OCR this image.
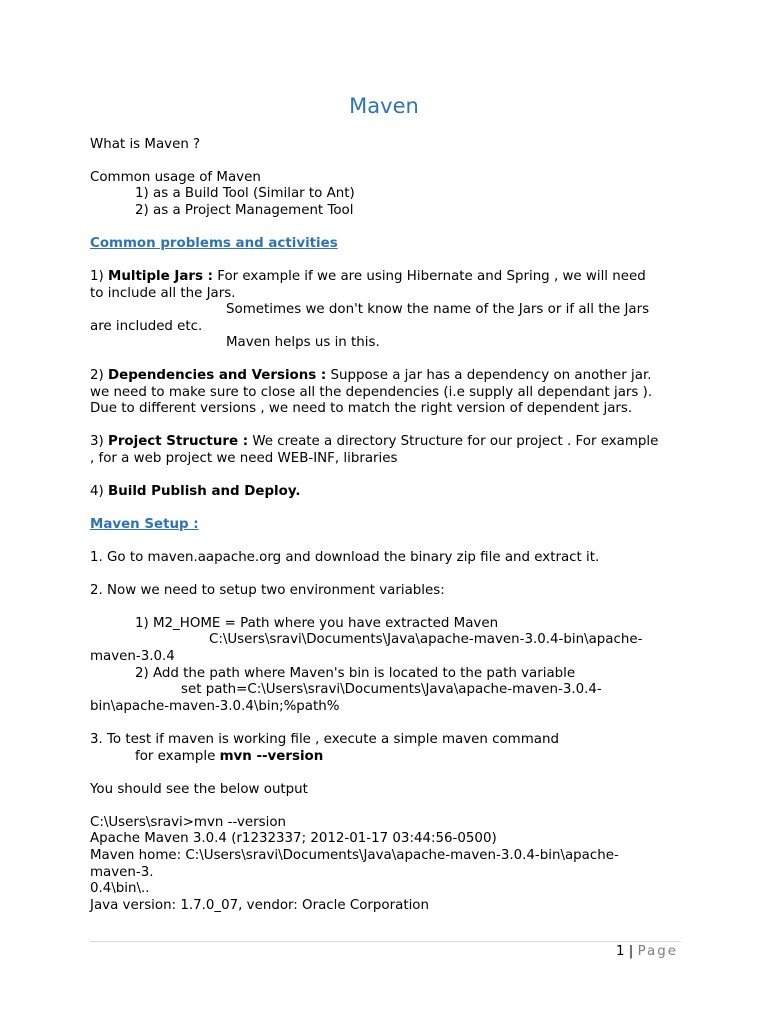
Maven
What is Maven ?
Common usage of Maven
1) as a Build Tool (Similar to Ant)
2) as a Project Management Tool
Common problems and activities
1) Multiple Jars : For example if we are using Hibernate and Spring , we will need
to include all the Jars.
Sometimes we don't know the name of the Jars or if all the Jars
are included etc.
Maven helps us in this.
2) Dependencies and Versions : Suppose a jar has a dependency on another jar.
we need to make sure to close all the dependencies (i.e supply all dependant jars ).
Due to different versions , we need to match the right version of dependent jars.
3) Project Structure : We create a directory Structure for our project . For example
, for a web project we need WEB-INF, libraries
4) Build Publish and Deploy.
Maven Setup :
1. Go to maven.aapache.org and download the binary zip file and extract it.
2. Now we need to setup two environment variables:
1) M2_HOME = Path where you have extracted Maven
C:\Users\sravi\Documents\Java\apache-maven-3.0.4-bin\apache-
maven-3.0.4
2) Add the path where Maven's bin is located to the path variable
set path=C:\Users\sravi\Documents\Java\apache-maven-3.0.4-
bin\apache-maven-3.0.4\bin;%path%
3. To test if maven is working file , execute a simple maven command
for example mvn --version
You should see the below output
C:\Users\sravi>mvn --version
Apache Maven 3.0.4 (r1232337; 2012-01-17 03:44:56-0500)
Maven home: C:\Users\sravi\Documents\Java\apache-maven-3.0.4-bin\apache-
maven-3.
0.4\bin\..
Java version: 1.7.0_07, vendor: Oracle Corporation
1 | Page
